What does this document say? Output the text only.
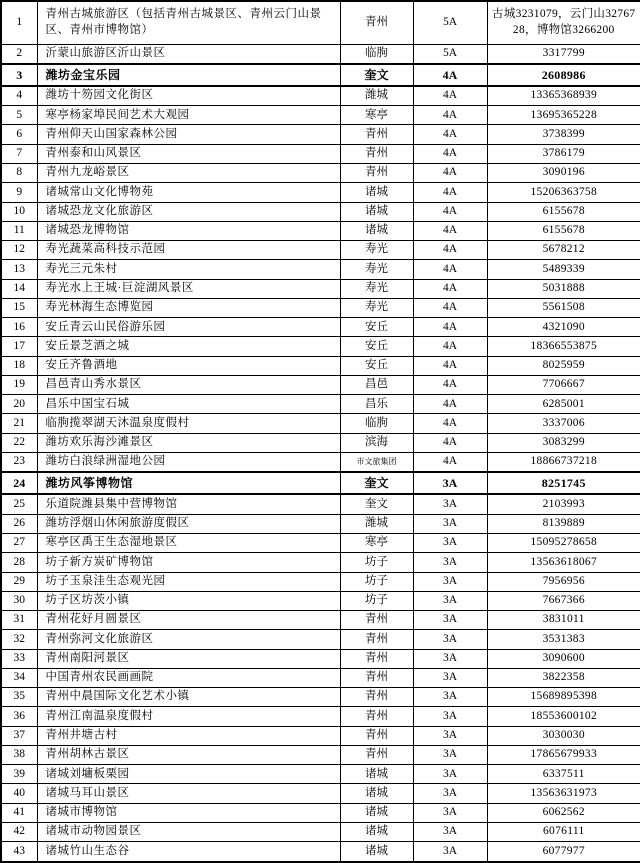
1	青州古城旅游区（包括青州古城景区、青州云门山景区、青州市博物馆）	青州	5A	古城3231079，云门山3276728，博物馆3266200
2	沂蒙山旅游区沂山景区	临朐	5A	3317799
3	潍坊金宝乐园	奎文	4A	2608986
4	潍坊十笏园文化街区	潍城	4A	13365368939
5	寒亭杨家埠民间艺术大观园	寒亭	4A	13695365228
6	青州仰天山国家森林公园	青州	4A	3738399
7	青州泰和山风景区	青州	4A	3786179
8	青州九龙峪景区	青州	4A	3090196
9	诸城常山文化博物苑	诸城	4A	15206363758
10	诸城恐龙文化旅游区	诸城	4A	6155678
11	诸城恐龙博物馆	诸城	4A	6155678
12	寿光蔬菜高科技示范园	寿光	4A	5678212
13	寿光三元朱村	寿光	4A	5489339
14	寿光水上王城·巨淀湖风景区	寿光	4A	5031888
15	寿光林海生态博览园	寿光	4A	5561508
16	安丘青云山民俗游乐园	安丘	4A	4321090
17	安丘景芝酒之城	安丘	4A	18366553875
18	安丘齐鲁酒地	安丘	4A	8025959
19	昌邑青山秀水景区	昌邑	4A	7706667
20	昌乐中国宝石城	昌乐	4A	6285001
21	临朐揽翠湖天沐温泉度假村	临朐	4A	3337006
22	潍坊欢乐海沙滩景区	滨海	4A	3083299
23	潍坊白浪绿洲湿地公园	市文旅集团	4A	18866737218
24	潍坊风筝博物馆	奎文	3A	8251745
25	乐道院潍县集中营博物馆	奎文	3A	2103993
26	潍坊浮烟山休闲旅游度假区	潍城	3A	8139889
27	寒亭区禹王生态湿地景区	寒亭	3A	15095278658
28	坊子新方炭矿博物馆	坊子	3A	13563618067
29	坊子玉泉洼生态观光园	坊子	3A	7956956
30	坊子区坊茨小镇	坊子	3A	7667366
31	青州花好月圆景区	青州	3A	3831011
32	青州弥河文化旅游区	青州	3A	3531383
33	青州南阳河景区	青州	3A	3090600
34	中国青州农民画画院	青州	3A	3822358
35	青州中晨国际文化艺术小镇	青州	3A	15689895398
36	青州江南温泉度假村	青州	3A	18553600102
37	青州井塘古村	青州	3A	3030030
38	青州胡林古景区	青州	3A	17865679933
39	诸城刘墉板栗园	诸城	3A	6337511
40	诸城马耳山景区	诸城	3A	13563631973
41	诸城市博物馆	诸城	3A	6062562
42	诸城市动物园景区	诸城	3A	6076111
43	诸城竹山生态谷	诸城	3A	6077977
